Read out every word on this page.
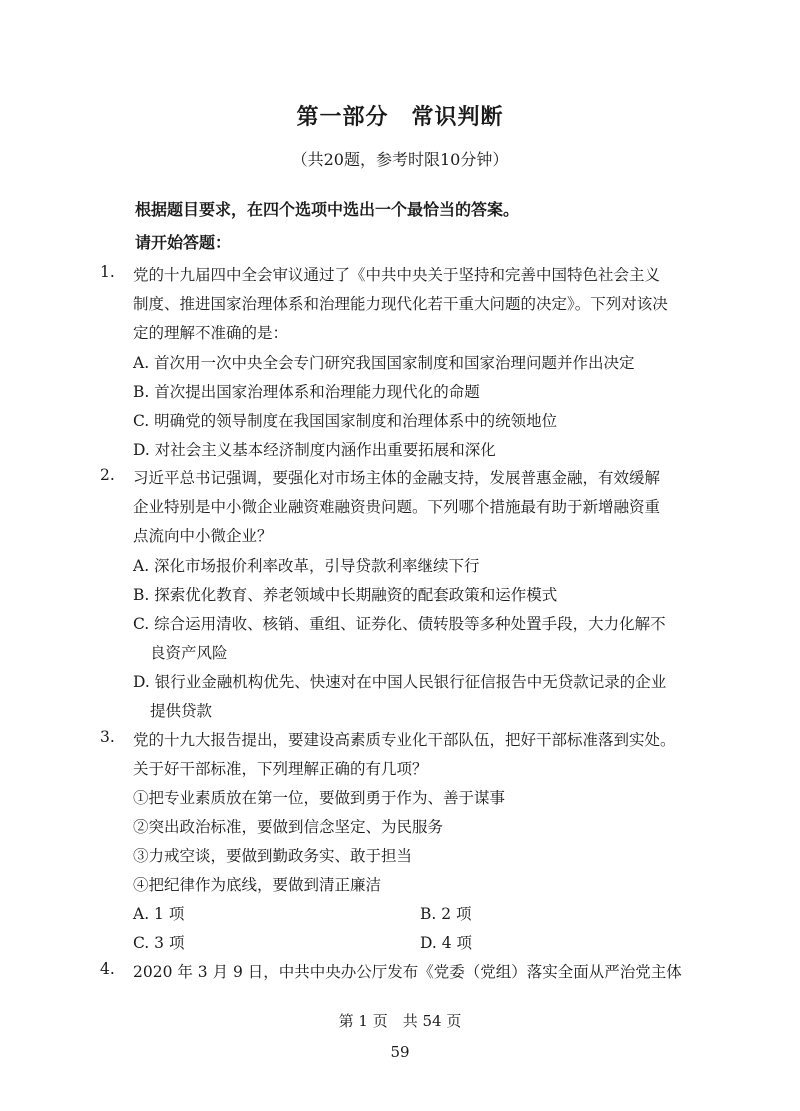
第一部分　常识判断
（共20题，参考时限10分钟）
根据题目要求，在四个选项中选出一个最恰当的答案。
请开始答题：
1.	党的十九届四中全会审议通过了《中共中央关于坚持和完善中国特色社会主义
制度、推进国家治理体系和治理能力现代化若干重大问题的决定》。下列对该决
定的理解不准确的是：
A. 首次用一次中央全会专门研究我国国家制度和国家治理问题并作出决定
B. 首次提出国家治理体系和治理能力现代化的命题
C. 明确党的领导制度在我国国家制度和治理体系中的统领地位
D. 对社会主义基本经济制度内涵作出重要拓展和深化
2.	习近平总书记强调，要强化对市场主体的金融支持，发展普惠金融，有效缓解
企业特别是中小微企业融资难融资贵问题。下列哪个措施最有助于新增融资重
点流向中小微企业？
A. 深化市场报价利率改革，引导贷款利率继续下行
B. 探索优化教育、养老领域中长期融资的配套政策和运作模式
C. 综合运用清收、核销、重组、证券化、债转股等多种处置手段，大力化解不
良资产风险
D. 银行业金融机构优先、快速对在中国人民银行征信报告中无贷款记录的企业
提供贷款
3.	党的十九大报告提出，要建设高素质专业化干部队伍，把好干部标准落到实处。
关于好干部标准，下列理解正确的有几项？
①把专业素质放在第一位，要做到勇于作为、善于谋事
②突出政治标准，要做到信念坚定、为民服务
③力戒空谈，要做到勤政务实、敢于担当
④把纪律作为底线，要做到清正廉洁
A. 1 项	B. 2 项
C. 3 项	D. 4 项
4.	2020 年 3 月 9 日，中共中央办公厅发布《党委（党组）落实全面从严治党主体
第 1 页　共 54 页
59
